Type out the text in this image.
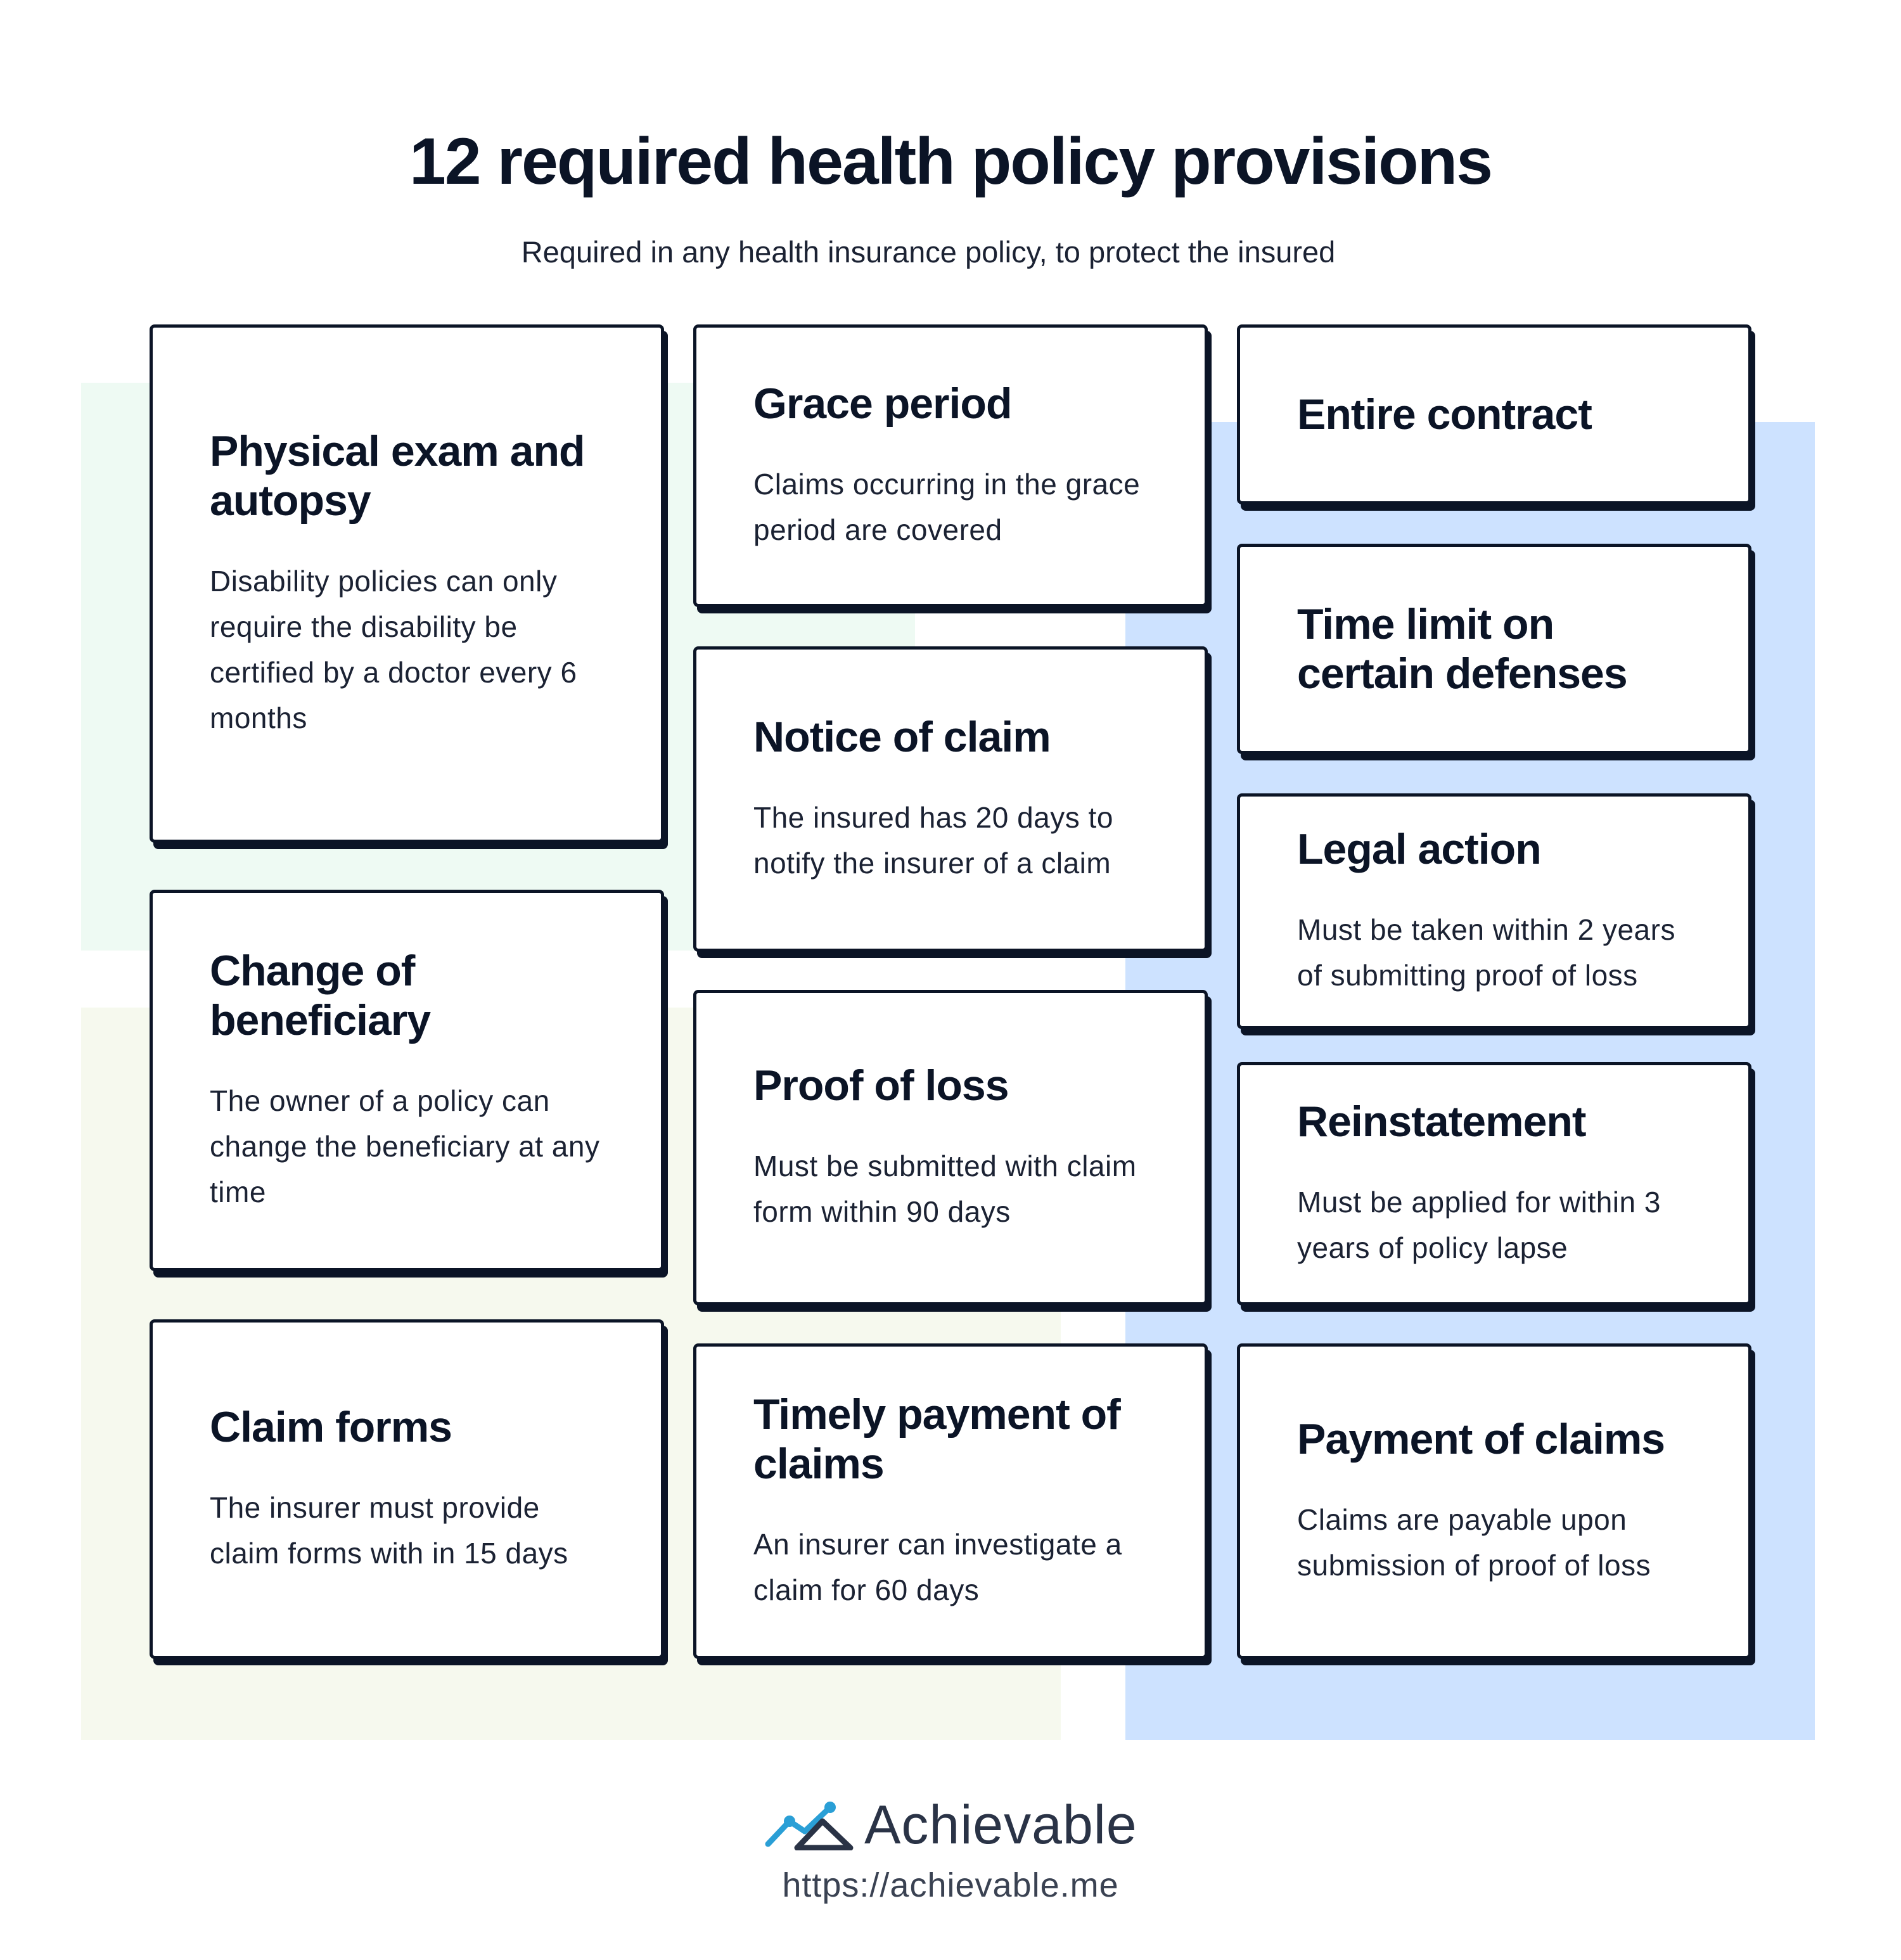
12 required health policy provisions

Required in any health insurance policy, to protect the insured

Physical exam and autopsy

Disability policies can only require the disability be certified by a doctor every 6 months

Change of beneficiary

The owner of a policy can change the beneficiary at any time

Claim forms

The insurer must provide claim forms with in 15 days

Grace period

Claims occurring in the grace period are covered

Notice of claim

The insured has 20 days to notify the insurer of a claim

Proof of loss

Must be submitted with claim form within 90 days

Timely payment of claims

An insurer can investigate a claim for 60 days

Entire contract
Time limit on certain defenses
Legal action

Must be taken within 2 years of submitting proof of loss

Reinstatement

Must be applied for within 3 years of policy lapse

Payment of claims

Claims are payable upon submission of proof of loss

Achievable
https://achievable.me
